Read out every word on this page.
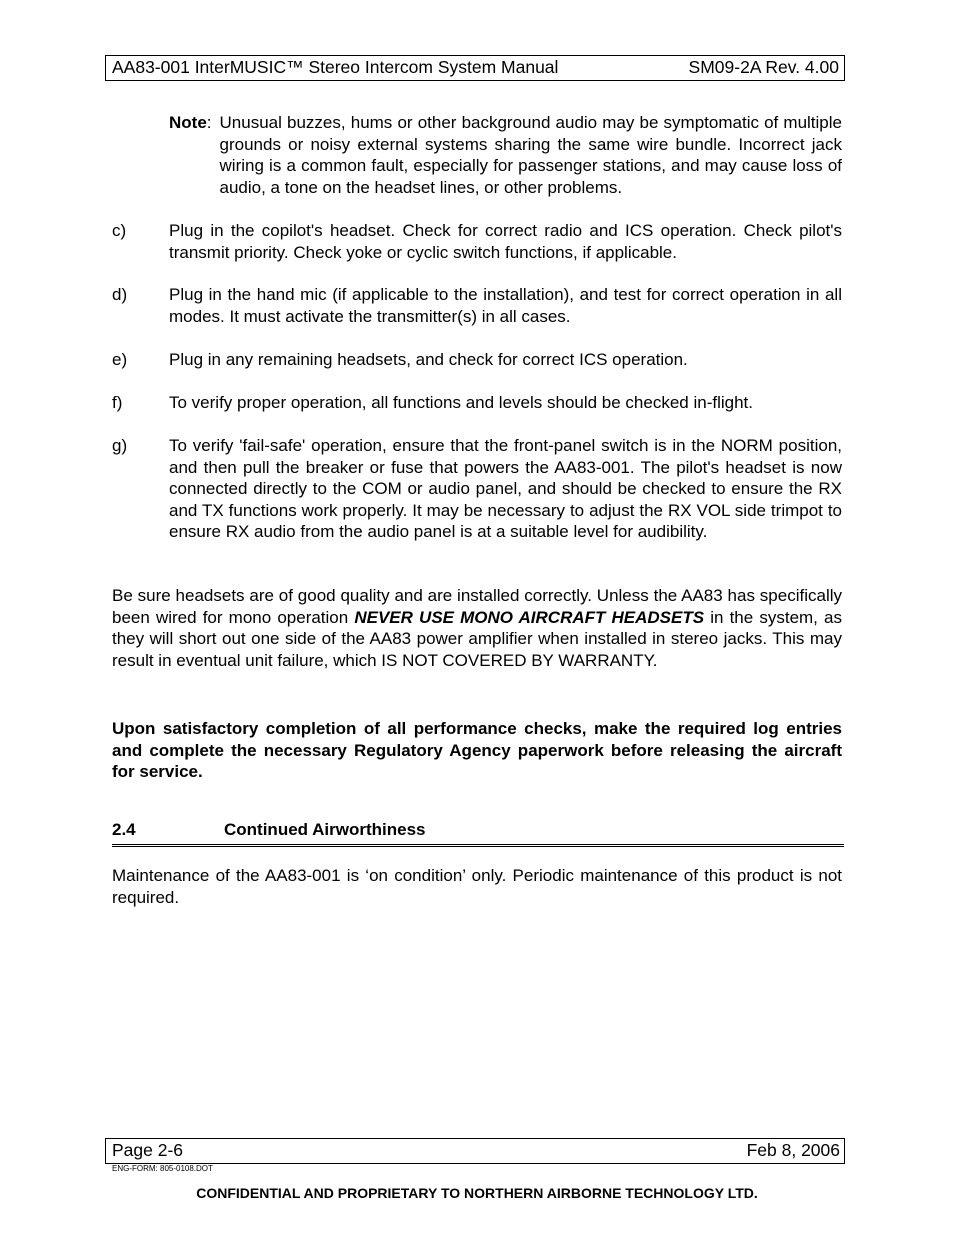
AA83-001 InterMUSIC™ Stereo Intercom System Manual	SM09-2A Rev. 4.00
Note: Unusual buzzes, hums or other background audio may be symptomatic of multiple grounds or noisy external systems sharing the same wire bundle. Incorrect jack wiring is a common fault, especially for passenger stations, and may cause loss of audio, a tone on the headset lines, or other problems.
c)	Plug in the copilot's headset. Check for correct radio and ICS operation. Check pilot's transmit priority. Check yoke or cyclic switch functions, if applicable.
d)	Plug in the hand mic (if applicable to the installation), and test for correct operation in all modes. It must activate the transmitter(s) in all cases.
e)	Plug in any remaining headsets, and check for correct ICS operation.
f)	To verify proper operation, all functions and levels should be checked in-flight.
g)	To verify 'fail-safe' operation, ensure that the front-panel switch is in the NORM position, and then pull the breaker or fuse that powers the AA83-001. The pilot's headset is now connected directly to the COM or audio panel, and should be checked to ensure the RX and TX functions work properly. It may be necessary to adjust the RX VOL side trimpot to ensure RX audio from the audio panel is at a suitable level for audibility.
Be sure headsets are of good quality and are installed correctly. Unless the AA83 has specifically been wired for mono operation NEVER USE MONO AIRCRAFT HEADSETS in the system, as they will short out one side of the AA83 power amplifier when installed in stereo jacks. This may result in eventual unit failure, which IS NOT COVERED BY WARRANTY.
Upon satisfactory completion of all performance checks, make the required log entries and complete the necessary Regulatory Agency paperwork before releasing the aircraft for service.
2.4	Continued Airworthiness
Maintenance of the AA83-001 is ‘on condition’ only. Periodic maintenance of this product is not required.
Page 2-6	Feb 8, 2006
ENG-FORM: 805-0108.DOT
CONFIDENTIAL AND PROPRIETARY TO NORTHERN AIRBORNE TECHNOLOGY LTD.
